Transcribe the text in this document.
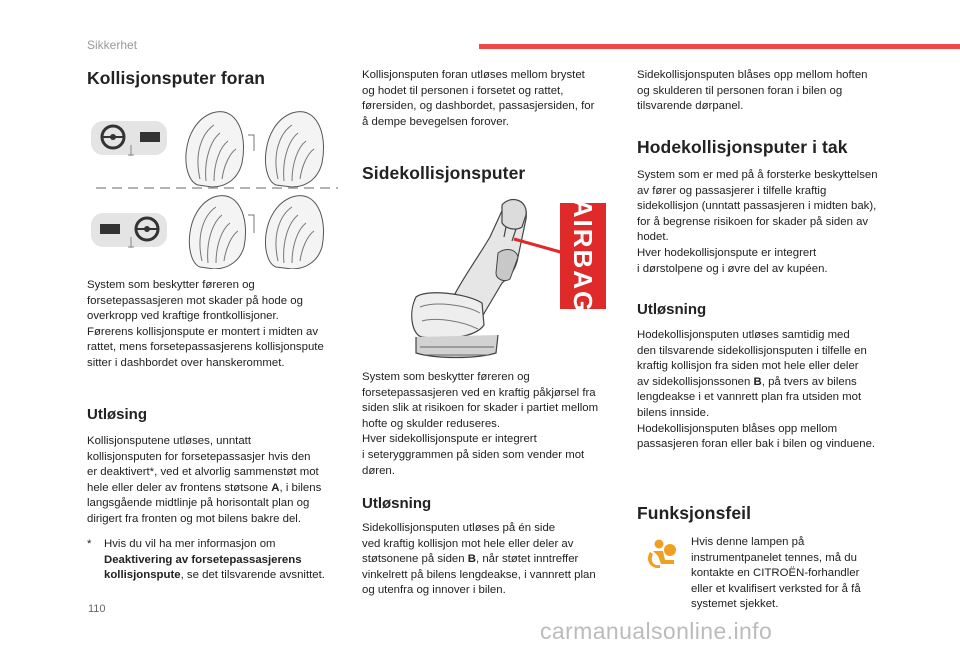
Sikkerhet
Kollisjonsputer foran
System som beskytter føreren og
forsetepassasjeren mot skader på hode og
overkropp ved kraftige frontkollisjoner.
Førerens kollisjonspute er montert i midten av
rattet, mens forsetepassasjerens kollisjonspute
sitter i dashbordet over hanskerommet.
Utløsing
Kollisjonsputene utløses, unntatt
kollisjonsputen for forsetepassasjer hvis den
er deaktivert*, ved et alvorlig sammenstøt mot
hele eller deler av frontens støtsone A, i bilens
langsgående midtlinje på horisontalt plan og
dirigert fra fronten og mot bilens bakre del.
* Hvis du vil ha mer informasjon om
Deaktivering av forsetepassasjerens
kollisjonspute, se det tilsvarende avsnittet.
Kollisjonsputen foran utløses mellom brystet
og hodet til personen i forsetet og rattet,
førersiden, og dashbordet, passasjersiden, for
å dempe bevegelsen forover.
Sidekollisjonsputer
AIRBAG
System som beskytter føreren og
forsetepassasjeren ved en kraftig påkjørsel fra
siden slik at risikoen for skader i partiet mellom
hofte og skulder reduseres.
Hver sidekollisjonspute er integrert
i seteryggrammen på siden som vender mot
døren.
Utløsning
Sidekollisjonsputen utløses på én side
ved kraftig kollisjon mot hele eller deler av
støtsonene på siden B, når støtet inntreffer
vinkelrett på bilens lengdeakse, i vannrett plan
og utenfra og innover i bilen.
Sidekollisjonsputen blåses opp mellom hoften
og skulderen til personen foran i bilen og
tilsvarende dørpanel.
Hodekollisjonsputer i tak
System som er med på å forsterke beskyttelsen
av fører og passasjerer i tilfelle kraftig
sidekollisjon (unntatt passasjeren i midten bak),
for å begrense risikoen for skader på siden av
hodet.
Hver hodekollisjonspute er integrert
i dørstolpene og i øvre del av kupéen.
Utløsning
Hodekollisjonsputen utløses samtidig med
den tilsvarende sidekollisjonsputen i tilfelle en
kraftig kollisjon fra siden mot hele eller deler
av sidekollisjonssonen B, på tvers av bilens
lengdeakse i et vannrett plan fra utsiden mot
bilens innside.
Hodekollisjonsputen blåses opp mellom
passasjeren foran eller bak i bilen og vinduene.
Funksjonsfeil
Hvis denne lampen på
instrumentpanelet tennes, må du
kontakte en CITROËN-forhandler
eller et kvalifisert verksted for å få
systemet sjekket.
110
carmanualsonline.info
